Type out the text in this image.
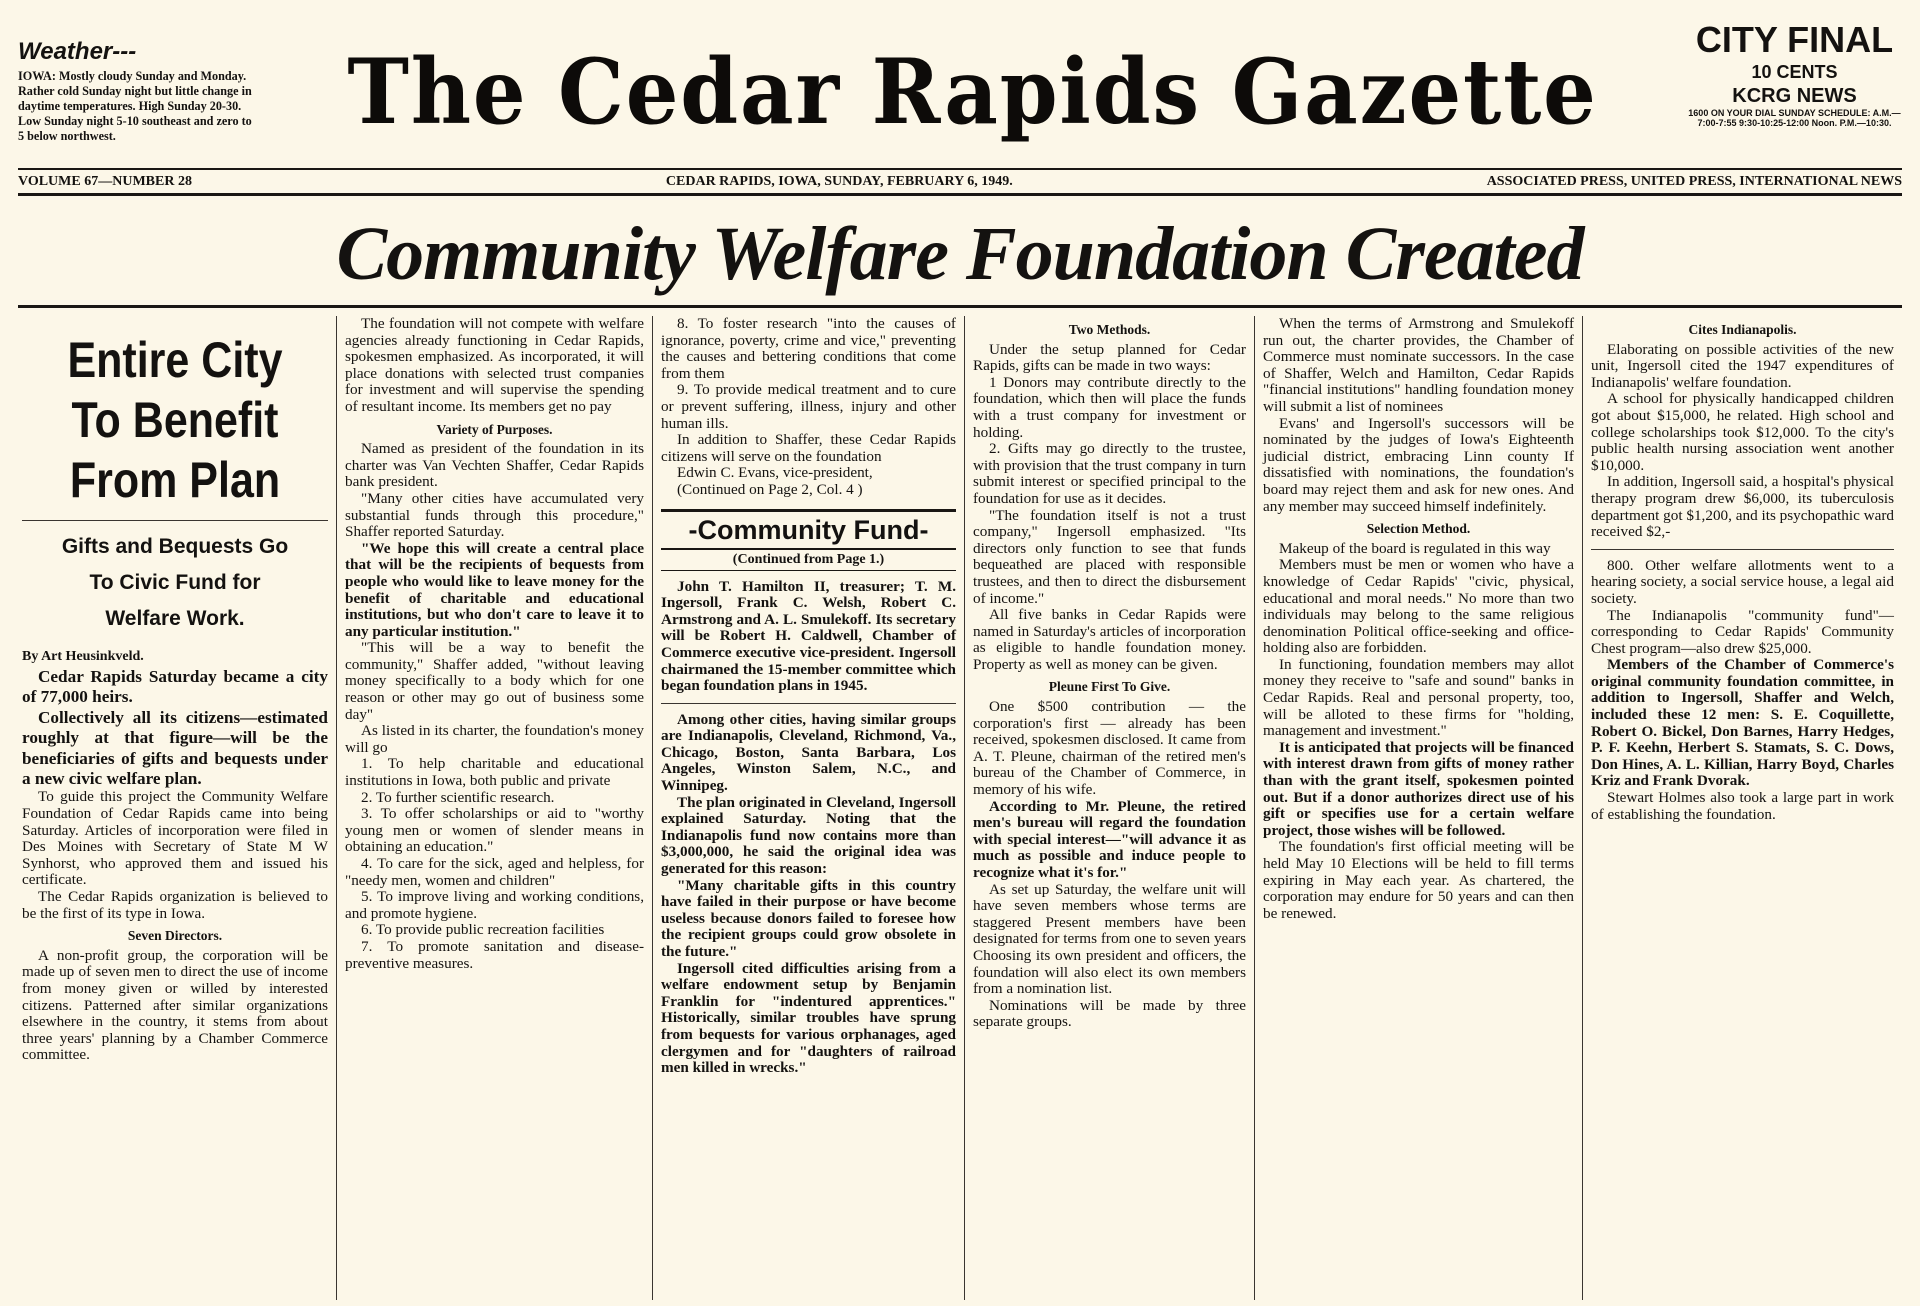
Weather---
IOWA: Mostly cloudy Sunday and Monday. Rather cold Sunday night but little change in daytime temperatures. High Sunday 20-30. Low Sunday night 5-10 southeast and zero to 5 below northwest.	The Cedar Rapids Gazette	CITY FINAL
10 CENTS
KCRG NEWS
1600 ON YOUR DIAL SUNDAY SCHEDULE: A.M.—7:00-7:55 9:30-10:25-12:00 Noon. P.M.—10:30.
VOLUME 67—NUMBER 28	CEDAR RAPIDS, IOWA, SUNDAY, FEBRUARY 6, 1949.	ASSOCIATED PRESS, UNITED PRESS, INTERNATIONAL NEWS
Community Welfare Foundation Created
Entire City
To Benefit
From Plan
Gifts and Bequests Go
To Civic Fund for
Welfare Work.
By Art Heusinkveld.

Cedar Rapids Saturday became a city of 77,000 heirs.

Collectively all its citizens—estimated roughly at that figure—will be the beneficiaries of gifts and bequests under a new civic welfare plan.

To guide this project the Community Welfare Foundation of Cedar Rapids came into being Saturday. Articles of incorporation were filed in Des Moines with Secretary of State M W Synhorst, who approved them and issued his certificate.

The Cedar Rapids organization is believed to be the first of its type in Iowa.

Seven Directors.

A non-profit group, the corporation will be made up of seven men to direct the use of income from money given or willed by interested citizens. Patterned after similar organizations elsewhere in the country, it stems from about three years' planning by a Chamber Commerce committee.

The foundation will not compete with welfare agencies already functioning in Cedar Rapids, spokesmen emphasized. As incorporated, it will place donations with selected trust companies for investment and will supervise the spending of resultant income. Its members get no pay

Variety of Purposes.

Named as president of the foundation in its charter was Van Vechten Shaffer, Cedar Rapids bank president.

"Many other cities have accumulated very substantial funds through this procedure," Shaffer reported Saturday.

"We hope this will create a central place that will be the recipients of bequests from people who would like to leave money for the benefit of charitable and educational institutions, but who don't care to leave it to any particular institution."

"This will be a way to benefit the community," Shaffer added, "without leaving money specifically to a body which for one reason or other may go out of business some day"

As listed in its charter, the foundation's money will go

1. To help charitable and educational institutions in Iowa, both public and private

2. To further scientific research.

3. To offer scholarships or aid to "worthy young men or women of slender means in obtaining an education."

4. To care for the sick, aged and helpless, for "needy men, women and children"

5. To improve living and working conditions, and promote hygiene.

6. To provide public recreation facilities

7. To promote sanitation and disease-preventive measures.

8. To foster research "into the causes of ignorance, poverty, crime and vice," preventing the causes and bettering conditions that come from them

9. To provide medical treatment and to cure or prevent suffering, illness, injury and other human ills.

In addition to Shaffer, these Cedar Rapids citizens will serve on the foundation

Edwin C. Evans, vice-president,

(Continued on Page 2, Col. 4 )

-Community Fund-
(Continued from Page 1.)

John T. Hamilton II, treasurer; T. M. Ingersoll, Frank C. Welsh, Robert C. Armstrong and A. L. Smulekoff. Its secretary will be Robert H. Caldwell, Chamber of Commerce executive vice-president. Ingersoll chairmaned the 15-member committee which began foundation plans in 1945.

Among other cities, having similar groups are Indianapolis, Cleveland, Richmond, Va., Chicago, Boston, Santa Barbara, Los Angeles, Winston Salem, N.C., and Winnipeg.

The plan originated in Cleveland, Ingersoll explained Saturday. Noting that the Indianapolis fund now contains more than $3,000,000, he said the original idea was generated for this reason:

"Many charitable gifts in this country have failed in their purpose or have become useless because donors failed to foresee how the recipient groups could grow obsolete in the future."

Ingersoll cited difficulties arising from a welfare endowment setup by Benjamin Franklin for "indentured apprentices." Historically, similar troubles have sprung from bequests for various orphanages, aged clergymen and for "daughters of railroad men killed in wrecks."

Two Methods.

Under the setup planned for Cedar Rapids, gifts can be made in two ways:

1 Donors may contribute directly to the foundation, which then will place the funds with a trust company for investment or holding.

2. Gifts may go directly to the trustee, with provision that the trust company in turn submit interest or specified principal to the foundation for use as it decides.

"The foundation itself is not a trust company," Ingersoll emphasized. "Its directors only function to see that funds bequeathed are placed with responsible trustees, and then to direct the disbursement of income."

All five banks in Cedar Rapids were named in Saturday's articles of incorporation as eligible to handle foundation money. Property as well as money can be given.

Pleune First To Give.

One $500 contribution — the corporation's first — already has been received, spokesmen disclosed. It came from A. T. Pleune, chairman of the retired men's bureau of the Chamber of Commerce, in memory of his wife.

According to Mr. Pleune, the retired men's bureau will regard the foundation with special interest—"will advance it as much as possible and induce people to recognize what it's for."

As set up Saturday, the welfare unit will have seven members whose terms are staggered Present members have been designated for terms from one to seven years Choosing its own president and officers, the foundation will also elect its own members from a nomination list.

Nominations will be made by three separate groups.

When the terms of Armstrong and Smulekoff run out, the charter provides, the Chamber of Commerce must nominate successors. In the case of Shaffer, Welch and Hamilton, Cedar Rapids "financial institutions" handling foundation money will submit a list of nominees

Evans' and Ingersoll's successors will be nominated by the judges of Iowa's Eighteenth judicial district, embracing Linn county If dissatisfied with nominations, the foundation's board may reject them and ask for new ones. And any member may succeed himself indefinitely.

Selection Method.

Makeup of the board is regulated in this way

Members must be men or women who have a knowledge of Cedar Rapids' "civic, physical, educational and moral needs." No more than two individuals may belong to the same religious denomination Political office-seeking and office-holding also are forbidden.

In functioning, foundation members may allot money they receive to "safe and sound" banks in Cedar Rapids. Real and personal property, too, will be alloted to these firms for "holding, management and investment."

It is anticipated that projects will be financed with interest drawn from gifts of money rather than with the grant itself, spokesmen pointed out. But if a donor authorizes direct use of his gift or specifies use for a certain welfare project, those wishes will be followed.

The foundation's first official meeting will be held May 10 Elections will be held to fill terms expiring in May each year. As chartered, the corporation may endure for 50 years and can then be renewed.

Cites Indianapolis.

Elaborating on possible activities of the new unit, Ingersoll cited the 1947 expenditures of Indianapolis' welfare foundation.

A school for physically handicapped children got about $15,000, he related. High school and college scholarships took $12,000. To the city's public health nursing association went another $10,000.

In addition, Ingersoll said, a hospital's physical therapy program drew $6,000, its tuberculosis department got $1,200, and its psychopathic ward received $2,-

800. Other welfare allotments went to a hearing society, a social service house, a legal aid society.

The Indianapolis "community fund"—corresponding to Cedar Rapids' Community Chest program—also drew $25,000.

Members of the Chamber of Commerce's original community foundation committee, in addition to Ingersoll, Shaffer and Welch, included these 12 men: S. E. Coquillette, Robert O. Bickel, Don Barnes, Harry Hedges, P. F. Keehn, Herbert S. Stamats, S. C. Dows, Don Hines, A. L. Killian, Harry Boyd, Charles Kriz and Frank Dvorak.

Stewart Holmes also took a large part in work of establishing the foundation.
